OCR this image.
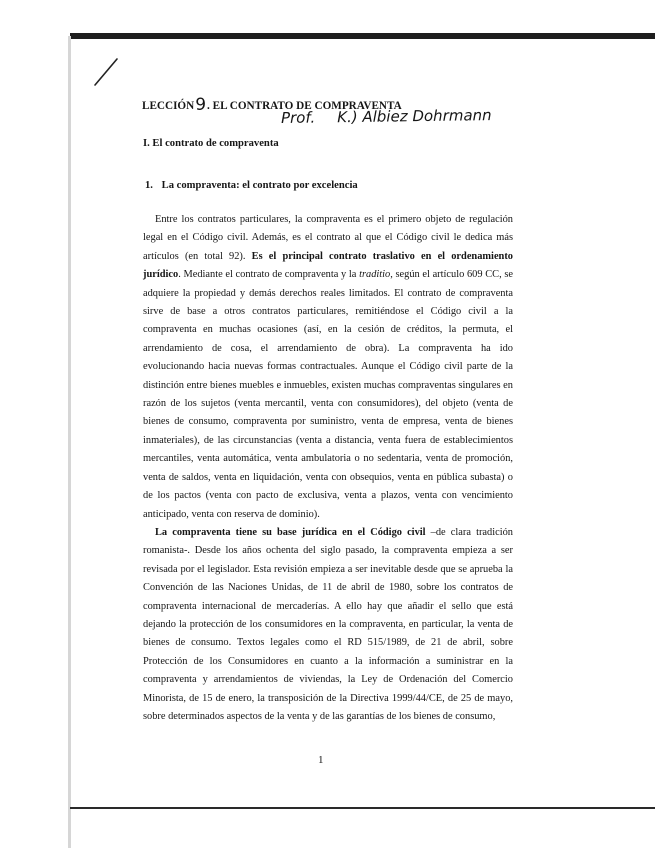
LECCIÓN9. EL CONTRATO DE COMPRAVENTA
Prof. K.) Albiez Dohrmann
I. El contrato de compraventa
1. La compraventa: el contrato por excelencia

Entre los contratos particulares, la compraventa es el primero objeto de regulación legal en el Código civil. Además, es el contrato al que el Código civil le dedica más artículos (en total 92). Es el principal contrato traslativo en el ordenamiento jurídico. Mediante el contrato de compraventa y la traditio, según el artículo 609 CC, se adquiere la propiedad y demás derechos reales limitados. El contrato de compraventa sirve de base a otros contratos particulares, remitiéndose el Código civil a la compraventa en muchas ocasiones (así, en la cesión de créditos, la permuta, el arrendamiento de cosa, el arrendamiento de obra). La compraventa ha ido evolucionando hacia nuevas formas contractuales. Aunque el Código civil parte de la distinción entre bienes muebles e inmuebles, existen muchas compraventas singulares en razón de los sujetos (venta mercantil, venta con consumidores), del objeto (venta de bienes de consumo, compraventa por suministro, venta de empresa, venta de bienes inmateriales), de las circunstancias (venta a distancia, venta fuera de establecimientos mercantiles, venta automática, venta ambulatoria o no sedentaria, venta de promoción, venta de saldos, venta en liquidación, venta con obsequios, venta en pública subasta) o de los pactos (venta con pacto de exclusiva, venta a plazos, venta con vencimiento anticipado, venta con reserva de dominio).

La compraventa tiene su base jurídica en el Código civil –de clara tradición romanista-. Desde los años ochenta del siglo pasado, la compraventa empieza a ser revisada por el legislador. Esta revisión empieza a ser inevitable desde que se aprueba la Convención de las Naciones Unidas, de 11 de abril de 1980, sobre los contratos de compraventa internacional de mercaderías. A ello hay que añadir el sello que está dejando la protección de los consumidores en la compraventa, en particular, la venta de bienes de consumo. Textos legales como el RD 515/1989, de 21 de abril, sobre Protección de los Consumidores en cuanto a la información a suministrar en la compraventa y arrendamientos de viviendas, la Ley de Ordenación del Comercio Minorista, de 15 de enero, la transposición de la Directiva 1999/44/CE, de 25 de mayo, sobre determinados aspectos de la venta y de las garantías de los bienes de consumo,

1
